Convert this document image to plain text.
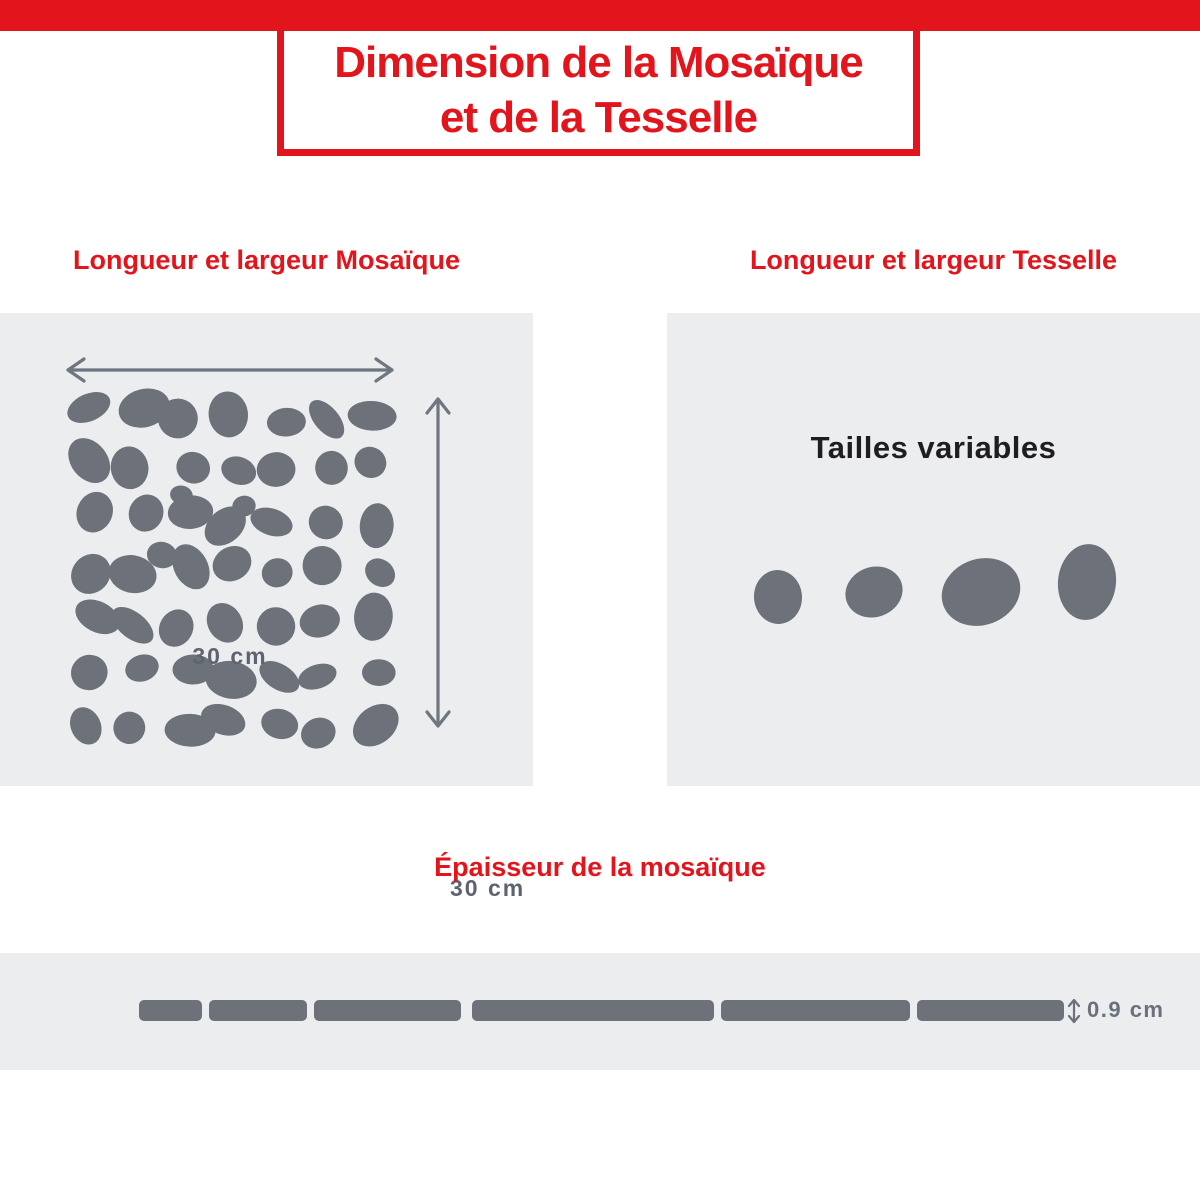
Dimension de la Mosaïque
et de la Tesselle
Longueur et largeur Mosaïque	Longueur et largeur Tesselle
30 cm
30 cm
Tailles variables
Épaisseur de la mosaïque
0.9 cm
